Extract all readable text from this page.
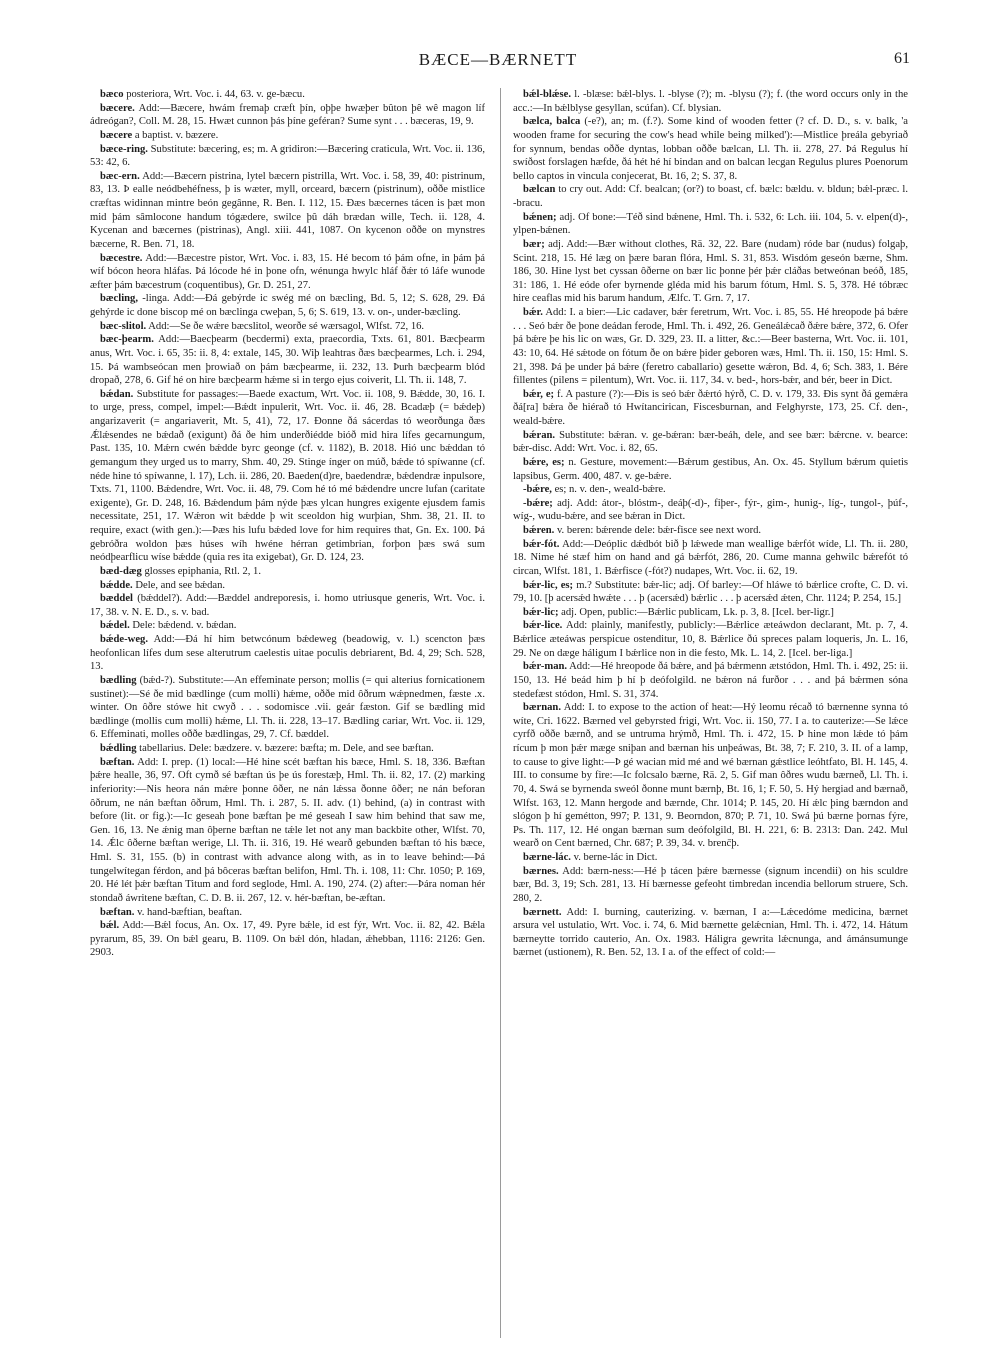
BÆCE—BÆRNETT	61

bæco posteriora, Wrt. Voc. i. 44, 63. v. ge-bæcu.

bæcere. Add:—Bæcere, hwám fremaþ cræft þín, oþþe hwæþer bûton þê wê magon líf ádreógan?, Coll. M. 28, 15. Hwæt cunnon þás þíne geféran? Sume synt . . . bæceras, 19, 9.

bæcere a baptist. v. bæzere.

bæce-ring. Substitute: bæcering, es; m. A gridiron:—Bæcering craticula, Wrt. Voc. ii. 136, 53: 42, 6.

bæc-ern. Add:—Bæcern pistrina, lytel bæcern pistrilla, Wrt. Voc. i. 58, 39, 40: pistrinum, 83, 13. Þ ealle neódbehéfness, þ is wæter, myll, orceard, bæcern (pistrinum), oððe mistlice cræftas widinnan mintre beón gegânne, R. Ben. I. 112, 15. Ðæs bæcernes tácen is þæt mon mid þám sâmlocone handum tógædere, swilce þû dáh brædan wille, Tech. ii. 128, 4. Kycenan and bæcernes (pistrinas), Angl. xiii. 441, 1087. On kycenon oððe on mynstres bæcerne, R. Ben. 71, 18.

bæcestre. Add:—Bæcestre pistor, Wrt. Voc. i. 83, 15. Hé becom tó þám ofne, in þám þá wíf bócon heora hláfas. Þá lócode hé in þone ofn, wénunga hwylc hláf ðǽr tó láfe wunode æfter þám bæcestrum (coquentibus), Gr. D. 251, 27.

bæcling, -linga. Add:—Ðá gebýrde ic swég mé on bæcling, Bd. 5, 12; S. 628, 29. Ðá gehýrde ic done biscop mé on bæclinga cweþan, 5, 6; S. 619, 13. v. on-, under-bæcling.

bæc-slitol. Add:—Se ðe wǽre bæcslitol, weorðe sé wærsagol, Wlfst. 72, 16.

bæc-þearm. Add:—Baecþearm (becdermi) exta, praecordia, Txts. 61, 801. Bæcþearm anus, Wrt. Voc. i. 65, 35: ii. 8, 4: extale, 145, 30. Wiþ leahtras ðæs bæcþearmes, Lch. i. 294, 15. Þá wambseócan men þrowiað on þám bæcþearme, ii. 232, 13. Þurh bæcþearm blód dropað, 278, 6. Gif hé on hire bæcþearm hǽme si in tergo ejus coiverit, Ll. Th. ii. 148, 7.

bǽdan. Substitute for passages:—Baede exactum, Wrt. Voc. ii. 108, 9. Bǽdde, 30, 16. I. to urge, press, compel, impel:—Bǽdt inpulerit, Wrt. Voc. ii. 46, 28. Bcadæþ (= bǽdeþ) angarizaverit (= angariaverit, Mt. 5, 41), 72, 17. Ðonne ðá sácerdas tó weorðunga ðæs Ǽlǽsendes ne bǽdað (exigunt) ðá ðe him underðiédde bióð mid hira lífes gecarnungum, Past. 135, 10. Mǽrn cwén bǽdde byrc geonge (cf. v. 1182), B. 2018. Hió unc bǽddan tó gemangum they urged us to marry, Shm. 40, 29. Stinge ínger on múð, bǽde tó spíwanne (cf. néde hine tó spíwanne, l. 17), Lch. ii. 286, 20. Baeden(d)re, baedendræ, bǽdendræ inpulsore, Txts. 71, 1100. Bǽdendre, Wrt. Voc. ii. 48, 79. Com hé tó mé bǽdendre uncre lufan (caritate exigente), Gr. D. 248, 16. Bǽdendum þám nýde þæs ylcan hungres exigente ejusdem famis necessitate, 251, 17. Wǽron wit bǽdde þ wit sceoldon hig wurþian, Shm. 38, 21. II. to require, exact (with gen.):—Þæs his lufu bǽded love for him requires that, Gn. Ex. 100. Þá gebróðra woldon þæs húses wíh hwéne hérran getimbrian, forþon þæs swá sum neódþearflicu wíse bǽdde (quia res ita exigebat), Gr. D. 124, 23.

bæd-dæg glosses epiphania, Rtl. 2, 1.

bǽdde. Dele, and see bǽdan.

bæddel (bǽddel?). Add:—Bæddel andreporesis, i. homo utriusque generis, Wrt. Voc. i. 17, 38. v. N. E. D., s. v. bad.

bǽdel. Dele: bǽdend. v. bǽdan.

bǽde-weg. Add:—Ðá hí him betwcónum bǽdeweg (beadowig, v. l.) scencton þæs heofonlican lífes dum sese alterutrum caelestis uitae poculis debriarent, Bd. 4, 29; Sch. 528, 13.

bædling (bǽd-?). Substitute:—An effeminate person; mollis (= qui alterius fornicationem sustinet):—Sé ðe mid bædlinge (cum molli) hǽme, oððe mid ôðrum wǽpnedmen, fæste .x. winter. On ôðre stówe hit cwyð . . . sodomisce .vii. geár fæston. Gif se bædling mid bædlinge (mollis cum molli) hǽme, Ll. Th. ii. 228, 13–17. Bædling cariar, Wrt. Voc. ii. 129, 6. Effeminati, molles oððe bædlingas, 29, 7. Cf. bæddel.

bǽdling tabellarius. Dele: bædzere. v. bæzere: bæfta; m. Dele, and see bæftan.

bæftan. Add: I. prep. (1) local:—Hé hine scét bæftan his bæce, Hml. S. 18, 336. Bæftan þǽre healle, 36, 97. Oft cymð sé bæftan ús þe ús forestæþ, Hml. Th. ii. 82, 17. (2) marking inferiority:—Nis heora nán mǽre þonne ôðer, ne nán lǽssa ðonne ôðer; ne nán beforan ôðrum, ne nán bæftan ôðrum, Hml. Th. i. 287, 5. II. adv. (1) behind, (a) in contrast with before (lit. or fig.):—Ic geseah þone bæftan þe mé geseah I saw him behind that saw me, Gen. 16, 13. Ne ǽnig man ôþerne bæftan ne tǽle let not any man backbite other, Wlfst. 70, 14. Ǽlc ôðerne bæftan werige, Ll. Th. ii. 316, 19. Hé wearð gebunden bæftan tó his bæce, Hml. S. 31, 155. (b) in contrast with advance along with, as in to leave behind:—Þá tungelwítegan férdon, and þá bôceras bæftan belifon, Hml. Th. i. 108, 11: Chr. 1050; P. 169, 20. Hé lét þǽr bæftan Titum and ford seglode, Hml. A. 190, 274. (2) after:—Þára noman hér stondað áwritene bæftan, C. D. B. ii. 267, 12. v. hér-bæftan, be-æftan.

bæftan. v. hand-bæftian, beaftan.

bǽl. Add:—Bǽl focus, An. Ox. 17, 49. Pyre bǽle, id est fýr, Wrt. Voc. ii. 82, 42. Bǽla pyrarum, 85, 39. On bǽl gearu, B. 1109. On bǽl dón, hladan, ǽhebban, 1116: 2126: Gen. 2903.

bǽl-blǽse. l. -blæse: bǽl-blys. l. -blyse (?); m. -blysu (?); f. (the word occurs only in the acc.:—In bǽlblyse gesyllan, scúfan). Cf. blysian.

bælca, balca (-e?), an; m. (f.?). Some kind of wooden fetter (? cf. D. D., s. v. balk, 'a wooden frame for securing the cow's head while being milked'):—Mistlice þreála gebyriað for synnum, bendas oððe dyntas, lobban oððe bælcan, Ll. Th. ii. 278, 27. Þá Regulus hí swíðost forslagen hæfde, ðá hét hé hí bindan and on balcan lecgan Regulus plures Poenorum bello captos in vincula conjecerat, Bt. 16, 2; S. 37, 8.

bælcan to cry out. Add: Cf. bealcan; (or?) to boast, cf. bælc: bældu. v. bldun; bǽl-præc. l. -bracu.

bǽnen; adj. Of bone:—Téð sind bǽnene, Hml. Th. i. 532, 6: Lch. iii. 104, 5. v. elpen(d)-, ylpen-bǽnen.

bær; adj. Add:—Bær without clothes, Rä. 32, 22. Bare (nudam) róde bar (nudus) folgaþ, Scint. 218, 15. Hé læg on þære baran flóra, Hml. S. 31, 853. Wisdóm geseón bærne, Shm. 186, 30. Hine lyst bet cyssan ôðerne on bær lic þonne þér þǽr cláðas betweónan beóð, 185, 31: 186, 1. Hé eóde ofer byrnende gléda mid his barum fótum, Hml. S. 5, 378. Hé tóbræc hire ceaflas mid his barum handum, Ælfc. T. Grn. 7, 17.

bǽr. Add: I. a bier:—Lic cadaver, bǽr feretrum, Wrt. Voc. i. 85, 55. Hé hreopode þá bǽre . . . Seó bǽr ðe þone deádan ferode, Hml. Th. i. 492, 26. Geneálǽcað ðǽre bǽre, 372, 6. Ofer þá bǽre þe his lic on wæs, Gr. D. 329, 23. II. a litter, &c.:—Beer basterna, Wrt. Voc. ii. 101, 43: 10, 64. Hé sǽtode on fótum ðe on bǽre þider geboren wæs, Hml. Th. ii. 150, 15: Hml. S. 21, 398. Þá þe under þá bǽre (feretro caballario) gesette wǽron, Bd. 4, 6; Sch. 383, 1. Bére fillentes (pilens = pilentum), Wrt. Voc. ii. 117, 34. v. bed-, hors-bǽr, and bér, beer in Dict.

bǽr, e; f. A pasture (?):—Ðis is seó bǽr ðǽrtó hýrð, C. D. v. 179, 33. Ðis synt ðá gemǽra ðá[ra] bǽra ðe hiérað tó Hwítancirican, Fiscesburnan, and Felghyrste, 173, 25. Cf. den-, weald-bǽre.

bǽran. Substitute: bǽran. v. ge-bǽran: bær-beáh, dele, and see bær: bǽrcne. v. bearce: bǽr-disc. Add: Wrt. Voc. i. 82, 65.

bǽre, es; n. Gesture, movement:—Bǽrum gestibus, An. Ox. 45. Styllum bǽrum quietis lapsibus, Germ. 400, 487. v. ge-bǽre.

-bǽre, es; n. v. den-, weald-bǽre.

-bǽre; adj. Add: átor-, blóstm-, deáþ(-d)-, fiþer-, fýr-, gim-, hunig-, líg-, tungol-, þúf-, wíg-, wudu-bǽre, and see bǽran in Dict.

bǽren. v. beren: bǽrende dele: bǽr-fisce see next word.

bǽr-fót. Add:—Deóplic dǽdbót bið þ lǽwede man weallige bǽrfót wíde, Ll. Th. ii. 280, 18. Nime hé stæf him on hand and gá bǽrfót, 286, 20. Cume manna gehwilc bǽrefót tó circan, Wlfst. 181, 1. Bǽrfisce (-fót?) nudapes, Wrt. Voc. ii. 62, 19.

bǽr-lic, es; m.? Substitute: bǽr-lic; adj. Of barley:—Of hláwe tó bǽrlice crofte, C. D. vi. 79, 10. [þ acersǽd hwǽte . . . þ (acersǽd) bǽrlic . . . þ acersǽd ǽten, Chr. 1124; P. 254, 15.]

bǽr-lic; adj. Open, public:—Bǽrlic publicam, Lk. p. 3, 8. [Icel. ber-ligr.]

bǽr-lice. Add: plainly, manifestly, publicly:—Bǽrlice æteáwdon declarant, Mt. p. 7, 4. Bǽrlice æteáwas perspicue ostenditur, 10, 8. Bǽrlice ðú spreces palam loqueris, Jn. L. 16, 29. Ne on dæge háligum I bǽrlice non in die festo, Mk. L. 14, 2. [Icel. ber-liga.]

bǽr-man. Add:—Hé hreopode ðá bǽre, and þá bǽrmenn ætstódon, Hml. Th. i. 492, 25: ii. 150, 13. Hé beád him þ hí þ deófolgild. ne bǽron ná furðor . . . and þá bǽrmen sóna stedefæst stódon, Hml. S. 31, 374.

bærnan. Add: I. to expose to the action of heat:—Hý leomu récað tó bærnenne synna tó wíte, Cri. 1622. Bærned vel gebyrsted frigi, Wrt. Voc. ii. 150, 77. I a. to cauterize:—Se lǽce cyrfð oððe bærnð, and se untruma hrýmð, Hml. Th. i. 472, 15. Þ hine mon lǽde tó þám rícum þ mon þǽr mæge sniþan and bærnan his unþeáwas, Bt. 38, 7; F. 210, 3. II. of a lamp, to cause to give light:—Þ gé wacian mid mé and wé bærnan gǽstlice leóhtfato, Bl. H. 145, 4. III. to consume by fire:—Ic folcsalo bærne, Rä. 2, 5. Gif man ôðres wudu bærneð, Ll. Th. i. 70, 4. Swá se byrnenda sweól ðonne munt bærnþ, Bt. 16, 1; F. 50, 5. Hý hergiad and bærnað, Wlfst. 163, 12. Mann hergode and bærnde, Chr. 1014; P. 145, 20. Hí ǽlc þing bærndon and slógon þ hí gemétton, 997; P. 131, 9. Beorndon, 870; P. 71, 10. Swá þú bærne þornas fýre, Ps. Th. 117, 12. Hé ongan bærnan sum deófolgild, Bl. H. 221, 6: B. 2313: Dan. 242. Mul wearð on Cent bærned, Chr. 687; P. 39, 34. v. brenc̄þ.

bærne-lác. v. berne-lác in Dict.

bærnes. Add: bærn-ness:—Hé þ tácen þǽre bærnesse (signum incendii) on his sculdre bær, Bd. 3, 19; Sch. 281, 13. Hí bærnesse gefeoht timbredan incendia bellorum struere, Sch. 280, 2.

bærnett. Add: I. burning, cauterizing. v. bærnan, I a:—Lǽcedóme medicina, bærnet arsura vel ustulatio, Wrt. Voc. i. 74, 6. Mid bærnette gelǽcnian, Hml. Th. i. 472, 14. Hátum bærneytte torrido cauterio, An. Ox. 1983. Háligra gewrita lǽcnunga, and ámánsumunge bærnet (ustionem), R. Ben. 52, 13. I a. of the effect of cold:—
